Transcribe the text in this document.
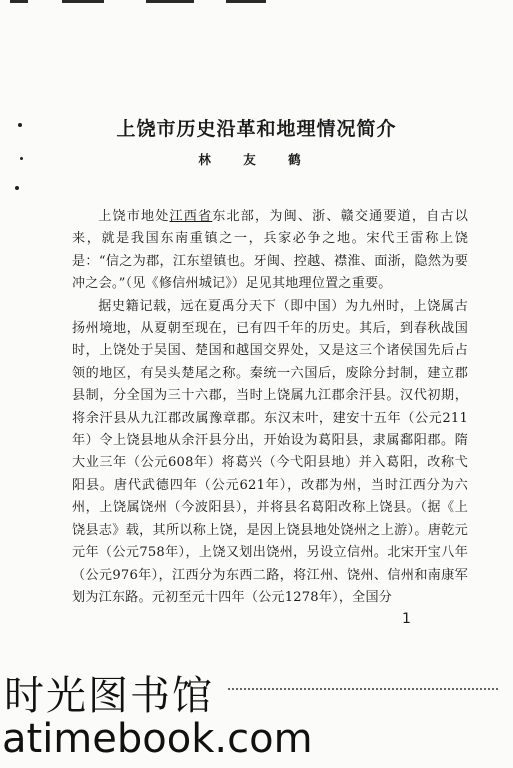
上饶市历史沿革和地理情况简介
林 友 鹤

上饶市地处江西省东北部，为闽、浙、赣交通要道，自古以来，就是我国东南重镇之一，兵家必争之地。宋代王雷称上饶是：“信之为郡，江东望镇也。牙闽、控越、襟淮、面浙，隐然为要冲之会。”（见《修信州城记》）足见其地理位置之重要。

据史籍记载，远在夏禹分天下（即中国）为九州时，上饶属古扬州境地，从夏朝至现在，已有四千年的历史。其后，到春秋战国时，上饶处于吴国、楚国和越国交界处，又是这三个诸侯国先后占领的地区，有吴头楚尾之称。秦统一六国后，废除分封制，建立郡县制，分全国为三十六郡，当时上饶属九江郡余汗县。汉代初期，将余汗县从九江郡改属豫章郡。东汉末叶，建安十五年（公元211年）令上饶县地从余汗县分出，开始设为葛阳县，隶属鄱阳郡。隋大业三年（公元608年）将葛兴（今弋阳县地）并入葛阳，改称弋阳县。唐代武德四年（公元621年），改郡为州，当时江西分为六州，上饶属饶州（今波阳县），并将县名葛阳改称上饶县。（据《上饶县志》载，其所以称上饶，是因上饶县地处饶州之上游）。唐乾元元年（公元758年），上饶又划出饶州，另设立信州。北宋开宝八年（公元976年），江西分为东西二路，将江州、饶州、信州和南康军划为江东路。元初至元十四年（公元1278年），全国分

1
时光图书馆
atimebook.com
